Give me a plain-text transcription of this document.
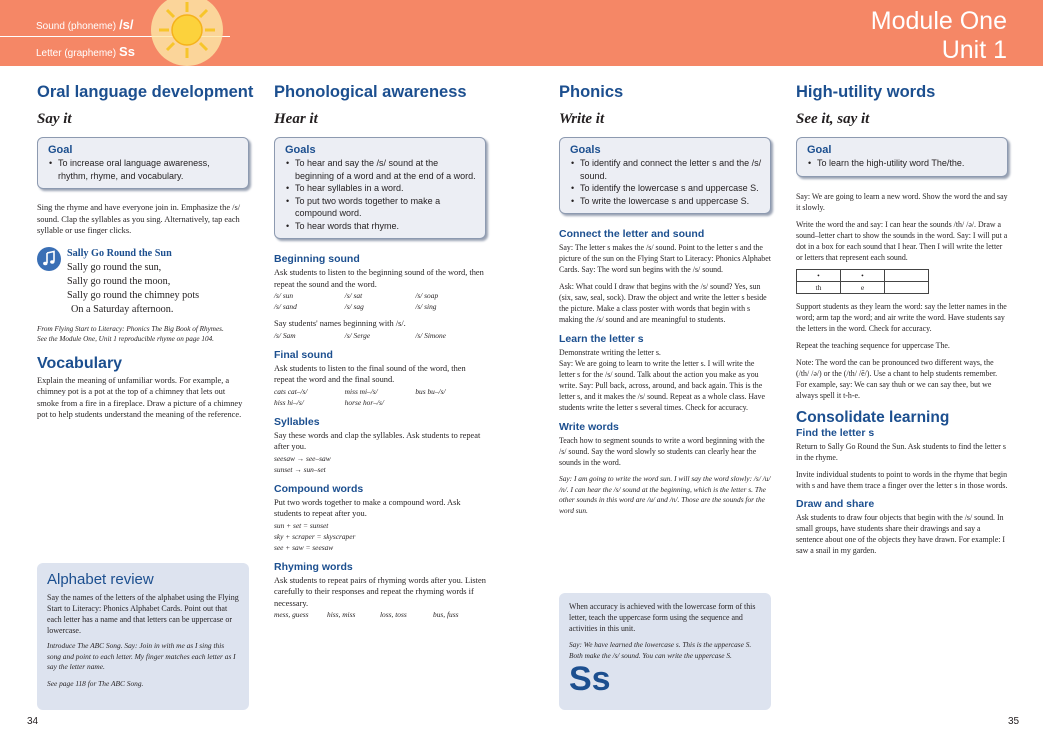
Sound (phoneme) /s/
Letter (grapheme) Ss
Module One
Unit 1
Oral language development
Say it
Goal
• To increase oral language awareness, rhythm, rhyme, and vocabulary.

Sing the rhyme and have everyone join in. Emphasize the /s/ sound. Clap the syllables as you sing. Alternatively, tap each syllable or use finger clicks.

Sally Go Round the Sun
Sally go round the sun,
Sally go round the moon,
Sally go round the chimney pots
On a Saturday afternoon.

From Flying Start to Literacy: Phonics The Big Book of Rhymes.
See the Module One, Unit 1 reproducible rhyme on page 104.

Vocabulary

Explain the meaning of unfamiliar words. For example, a chimney pot is a pot at the top of a chimney that lets out smoke from a fire in a fireplace. Draw a picture of a chimney pot to help students understand the meaning of the reference.

Alphabet review

Say the names of the letters of the alphabet using the Flying Start to Literacy: Phonics Alphabet Cards. Point out that each letter has a name and that letters can be uppercase or lowercase.

Introduce The ABC Song. Say: Join in with me as I sing this song and point to each letter. My finger matches each letter as I say the letter name.

See page 118 for The ABC Song.

34
Phonological awareness
Hear it
Goals
• To hear and say the /s/ sound at the beginning of a word and at the end of a word.
• To hear syllables in a word.
• To put two words together to make a compound word.
• To hear words that rhyme.
Beginning sound

Ask students to listen to the beginning sound of the word, then repeat the sound and the word.

/s/ sun	/s/ sat	/s/ soap
/s/ sand	/s/ sag	/s/ sing

Say students' names beginning with /s/.

/s/ Sam	/s/ Serge	/s/ Simone
Final sound

Ask students to listen to the final sound of the word, then repeat the word and the final sound.

cats cat–/s/	miss mi–/s/	bus bu–/s/
hiss hi–/s/	horse hor–/s/
Syllables

Say these words and clap the syllables. Ask students to repeat after you.

seesaw → see–saw
sunset → sun–set
Compound words

Put two words together to make a compound word. Ask students to repeat after you.

sun + set = sunset
sky + scraper = skyscraper
see + saw = seesaw
Rhyming words

Ask students to repeat pairs of rhyming words after you. Listen carefully to their responses and repeat the rhyming words if necessary.

mess, guess	hiss, miss	loss, toss	bus, fuss
Phonics
Write it
Goals
• To identify and connect the letter s and the /s/ sound.
• To identify the lowercase s and uppercase S.
• To write the lowercase s and uppercase S.
Connect the letter and sound

Say: The letter s makes the /s/ sound. Point to the letter s and the picture of the sun on the Flying Start to Literacy: Phonics Alphabet Cards. Say: The word sun begins with the /s/ sound.

Ask: What could I draw that begins with the /s/ sound? Yes, sun (six, saw, seal, sock). Draw the object and write the letter s beside the picture. Make a class poster with words that begin with s making the /s/ sound and are meaningful to students.

Learn the letter s

Demonstrate writing the letter s.

Say: We are going to learn to write the letter s. I will write the letter s for the /s/ sound. Talk about the action you make as you write. Say: Pull back, across, around, and back again. This is the letter s, and it makes the /s/ sound. Repeat as a whole class. Have students write the letter s several times. Check for accuracy.

Write words

Teach how to segment sounds to write a word beginning with the /s/ sound. Say the word slowly so students can clearly hear the sounds in the word.

Say: I am going to write the word sun. I will say the word slowly: /s/ /u/ /n/. I can hear the /s/ sound at the beginning, which is the letter s. The other sounds in this word are /u/ and /n/. Those are the sounds for the word sun.

When accuracy is achieved with the lowercase form of this letter, teach the uppercase form using the sequence and activities in this unit.

Say: We have learned the lowercase s. This is the uppercase S. Both make the /s/ sound. You can write the uppercase S.

Ss
High-utility words
See it, say it
Goal
• To learn the high-utility word The/the.

Say: We are going to learn a new word. Show the word the and say it slowly.

Write the word the and say: I can hear the sounds /th/ /ə/. Draw a sound–letter chart to show the sounds in the word. Say: I will put a dot in a box for each sound that I hear. Then I will write the letter or letters that represent each sound.

•	•	
th	e	

Support students as they learn the word: say the letter names in the word; arm tap the word; and air write the word. Have students say the letters in the word. Check for accuracy.

Repeat the teaching sequence for uppercase The.

Note: The word the can be pronounced two different ways, the (/th/ /ə/) or the (/th/ /ē/). Use a chant to help students remember. For example, say: We can say thuh or we can say thee, but we always spell it t-h-e.

Consolidate learning
Find the letter s

Return to Sally Go Round the Sun. Ask students to find the letter s in the rhyme.

Invite individual students to point to words in the rhyme that begin with s and have them trace a finger over the letter s in those words.

Draw and share

Ask students to draw four objects that begin with the /s/ sound. In small groups, have students share their drawings and say a sentence about one of the objects they have drawn. For example: I saw a snail in my garden.

35
